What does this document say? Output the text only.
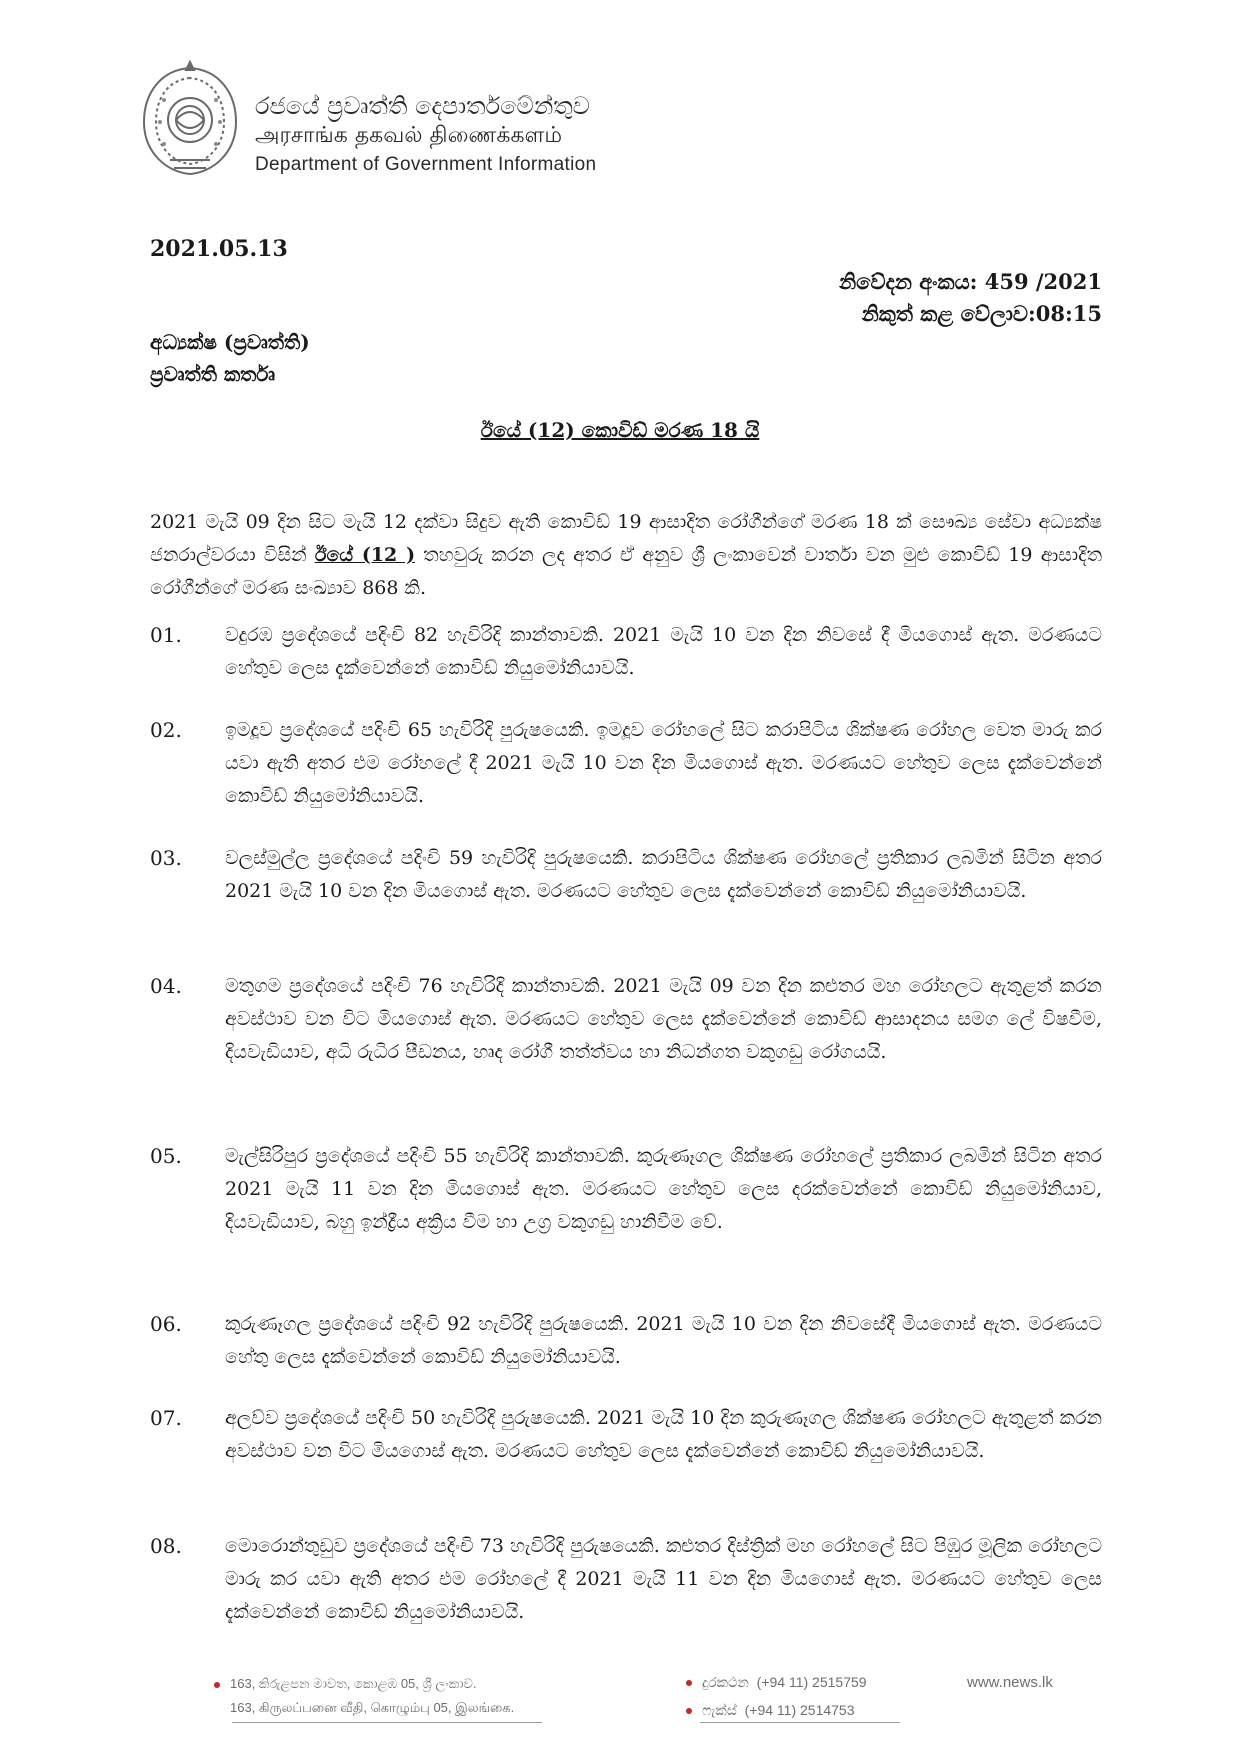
රජයේ ප්‍රවෘත්ති දෙපාර්තමේන්තුව
அரசாங்க தகவல் திணைக்களம்
Department of Government Information
2021.05.13
නිවේදන අංකය: 459 /2021
නිකුත් කළ වේලාව:08:15
අධ්‍යක්ෂ (ප්‍රවෘත්ති)
ප්‍රවෘත්ති කර්තෘ
ඊයේ (12) කොවිඩ් මරණ 18 යි
2021 මැයි 09 දින සිට මැයි 12 දක්වා සිදුව ඇති කොවිඩ් 19 ආසාදිත රෝගීන්ගේ මරණ 18 ක් සෞඛ්‍ය සේවා අධ්‍යක්ෂ ජනරාල්වරයා විසින් ඊයේ (12 ) තහවුරු කරන ලද අතර ඒ අනුව ශ්‍රී ලංකාවෙන් වාර්තා වන මුළු කොවිඩ් 19 ආසාදිත රෝගීන්ගේ මරණ සංඛ්‍යාව 868 කි.
01.	වදුරඹ ප්‍රදේශයේ පදිංචි 82 හැවිරිදි කාන්තාවකි. 2021 මැයි 10 වන දින නිවසේ දී මියගොස් ඇත. මරණයට හේතුව ලෙස දැක්වෙන්නේ කොවිඩ් නියුමෝනියාවයි.
02.	ඉමදූව ප්‍රදේශයේ පදිංචි 65 හැවිරිදි පුරුෂයෙකි. ඉමදූව රෝහලේ සිට කරාපිටිය ශික්ෂණ රෝහල වෙත මාරු කර යවා ඇති අතර එම රෝහලේ දී 2021 මැයි 10 වන දින මියගොස් ඇත. මරණයට හේතුව ලෙස දැක්වෙන්නේ කොවිඩ් නියුමෝනියාවයි.
03.	වලස්මුල්ල ප්‍රදේශයේ පදිංචි 59 හැවිරිදි පුරුෂයෙකි. කරාපිටිය ශික්ෂණ රෝහලේ ප්‍රතිකාර ලබමින් සිටින අතර 2021 මැයි 10 වන දින මියගොස් ඇත. මරණයට හේතුව ලෙස දැක්වෙන්නේ කොවිඩ් නියුමෝනියාවයි.
04.	මතුගම ප්‍රදේශයේ පදිංචි 76 හැවිරිදි කාන්තාවකි. 2021 මැයි 09 වන දින කළුතර මහ රෝහලට ඇතුළත් කරන අවස්ථාව වන විට මියගොස් ඇත. මරණයට හේතුව ලෙස දැක්වෙන්නේ කොවිඩ් ආසාදනය සමග ලේ විෂවීම, දියවැඩියාව, අධි රුධිර පීඩනය, හෘද රෝගී තත්ත්වය හා නිධන්ගත වකුගඩු රෝගයයි.
05.	මැල්සිරිපුර ප්‍රදේශයේ පදිංචි 55 හැවිරිදි කාන්තාවකි. කුරුණෑගල ශික්ෂණ රෝහලේ ප්‍රතිකාර ලබමින් සිටින අතර 2021 මැයි 11 වන දින මියගොස් ඇත. මරණයට හේතුව ලෙස දරක්වෙන්නේ කොවිඩ් නියුමෝනියාව, දියවැඩියාව, බහු ඉන්ද්‍රීය අක්‍රිය වීම හා උග්‍ර වකුගඩු හානිවීම වේ.
06.	කුරුණෑගල ප්‍රදේශයේ පදිංචි 92 හැවිරිදි පුරුෂයෙකි. 2021 මැයි 10 වන දින නිවසේදී මියගොස් ඇත. මරණයට හේතු ලෙස දැක්වෙන්නේ කොවිඩ් නියුමෝනියාවයි.
07.	අලව්ව ප්‍රදේශයේ පදිංචි 50 හැවිරිදි පුරුෂයෙකි. 2021 මැයි 10 දින කුරුණෑගල ශික්ෂණ රෝහලට ඇතුළත් කරන අවස්ථාව වන විට මියගොස් ඇත. මරණයට හේතුව ලෙස දැක්වෙන්නේ කොවිඩ් නියුමෝනියාවයි.
08.	මොරොන්තුඩුව ප්‍රදේශයේ පදිංචි 73 හැවිරිදි පුරුෂයෙකි. කළුතර දිස්ත්‍රික් මහ රෝහලේ සිට පිඹුර මූලික රෝහලට මාරු කර යවා ඇති අතර එම රෝහලේ දී 2021 මැයි 11 වන දින මියගොස් ඇත. මරණයට හේතුව ලෙස දැක්වෙන්නේ කොවිඩ් නියුමෝනියාවයි.
163, කිරුළපන මාවත, කොළඹ 05, ශ්‍රී ලංකාව.
163, கிருலப்பனை வீதி, கொழும்பு 05, இலங்கை.
දුරකථන (+94 11) 2515759
ෆැක්ස් (+94 11) 2514753
www.news.lk
